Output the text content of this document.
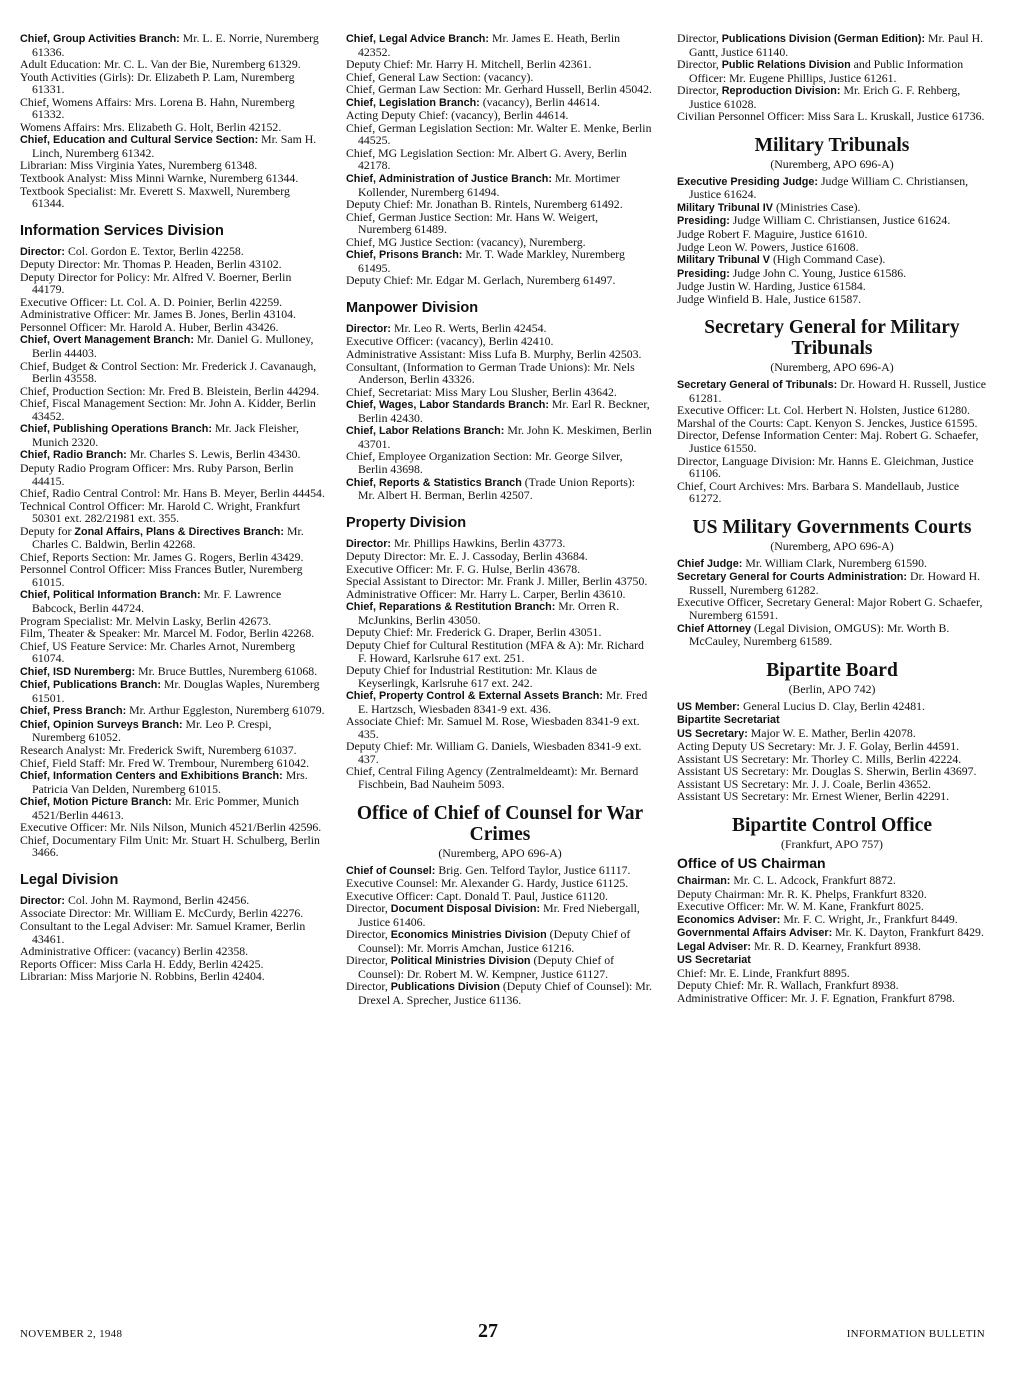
Chief, Group Activities Branch: Mr. L. E. Norrie, Nuremberg 61336.
Adult Education: Mr. C. L. Van der Bie, Nuremberg 61329.
Youth Activities (Girls): Dr. Elizabeth P. Lam, Nuremberg 61331.
Chief, Womens Affairs: Mrs. Lorena B. Hahn, Nuremberg 61332.
Womens Affairs: Mrs. Elizabeth G. Holt, Berlin 42152.
Chief, Education and Cultural Service Section: Mr. Sam H. Linch, Nuremberg 61342.
Librarian: Miss Virginia Yates, Nuremberg 61348.
Textbook Analyst: Miss Minni Warnke, Nuremberg 61344.
Textbook Specialist: Mr. Everett S. Maxwell, Nuremberg 61344.
Information Services Division
Director: Col. Gordon E. Textor, Berlin 42258.
Deputy Director: Mr. Thomas P. Headen, Berlin 43102.
Deputy Director for Policy: Mr. Alfred V. Boerner, Berlin 44179.
Executive Officer: Lt. Col. A. D. Poinier, Berlin 42259.
Administrative Officer: Mr. James B. Jones, Berlin 43104.
Personnel Officer: Mr. Harold A. Huber, Berlin 43426.
Chief, Overt Management Branch: Mr. Daniel G. Mulloney, Berlin 44403.
Chief, Budget & Control Section: Mr. Frederick J. Cavanaugh, Berlin 43558.
Chief, Production Section: Mr. Fred B. Bleistein, Berlin 44294.
Chief, Fiscal Management Section: Mr. John A. Kidder, Berlin 43452.
Chief, Publishing Operations Branch: Mr. Jack Fleisher, Munich 2320.
Chief, Radio Branch: Mr. Charles S. Lewis, Berlin 43430.
Deputy Radio Program Officer: Mrs. Ruby Parson, Berlin 44415.
Chief, Radio Central Control: Mr. Hans B. Meyer, Berlin 44454.
Technical Control Officer: Mr. Harold C. Wright, Frankfurt 50301 ext. 282/21981 ext. 355.
Deputy for Zonal Affairs, Plans & Directives Branch: Mr. Charles C. Baldwin, Berlin 42268.
Chief, Reports Section: Mr. James G. Rogers, Berlin 43429.
Personnel Control Officer: Miss Frances Butler, Nuremberg 61015.
Chief, Political Information Branch: Mr. F. Lawrence Babcock, Berlin 44724.
Program Specialist: Mr. Melvin Lasky, Berlin 42673.
Film, Theater & Speaker: Mr. Marcel M. Fodor, Berlin 42268.
Chief, US Feature Service: Mr. Charles Arnot, Nuremberg 61074.
Chief, ISD Nuremberg: Mr. Bruce Buttles, Nuremberg 61068.
Chief, Publications Branch: Mr. Douglas Waples, Nuremberg 61501.
Chief, Press Branch: Mr. Arthur Eggleston, Nuremberg 61079.
Chief, Opinion Surveys Branch: Mr. Leo P. Crespi, Nuremberg 61052.
Research Analyst: Mr. Frederick Swift, Nuremberg 61037.
Chief, Field Staff: Mr. Fred W. Trembour, Nuremberg 61042.
Chief, Information Centers and Exhibitions Branch: Mrs. Patricia Van Delden, Nuremberg 61015.
Chief, Motion Picture Branch: Mr. Eric Pommer, Munich 4521/Berlin 44613.
Executive Officer: Mr. Nils Nilson, Munich 4521/Berlin 42596.
Chief, Documentary Film Unit: Mr. Stuart H. Schulberg, Berlin 3466.
Legal Division
Director: Col. John M. Raymond, Berlin 42456.
Associate Director: Mr. William E. McCurdy, Berlin 42276.
Consultant to the Legal Adviser: Mr. Samuel Kramer, Berlin 43461.
Administrative Officer: (vacancy) Berlin 42358.
Reports Officer: Miss Carla H. Eddy, Berlin 42425.
Librarian: Miss Marjorie N. Robbins, Berlin 42404.
Chief, Legal Advice Branch: Mr. James E. Heath, Berlin 42352.
Deputy Chief: Mr. Harry H. Mitchell, Berlin 42361.
Chief, General Law Section: (vacancy).
Chief, German Law Section: Mr. Gerhard Hussell, Berlin 45042.
Chief, Legislation Branch: (vacancy), Berlin 44614.
Acting Deputy Chief: (vacancy), Berlin 44614.
Chief, German Legislation Section: Mr. Walter E. Menke, Berlin 44525.
Chief, MG Legislation Section: Mr. Albert G. Avery, Berlin 42178.
Chief, Administration of Justice Branch: Mr. Mortimer Kollender, Nuremberg 61494.
Deputy Chief: Mr. Jonathan B. Rintels, Nuremberg 61492.
Chief, German Justice Section: Mr. Hans W. Weigert, Nuremberg 61489.
Chief, MG Justice Section: (vacancy), Nuremberg.
Chief, Prisons Branch: Mr. T. Wade Markley, Nuremberg 61495.
Deputy Chief: Mr. Edgar M. Gerlach, Nuremberg 61497.
Manpower Division
Director: Mr. Leo R. Werts, Berlin 42454.
Executive Officer: (vacancy), Berlin 42410.
Administrative Assistant: Miss Lufa B. Murphy, Berlin 42503.
Consultant, (Information to German Trade Unions): Mr. Nels Anderson, Berlin 43326.
Chief, Secretariat: Miss Mary Lou Slusher, Berlin 43642.
Chief, Wages, Labor Standards Branch: Mr. Earl R. Beckner, Berlin 42430.
Chief, Labor Relations Branch: Mr. John K. Meskimen, Berlin 43701.
Chief, Employee Organization Section: Mr. George Silver, Berlin 43698.
Chief, Reports & Statistics Branch (Trade Union Reports): Mr. Albert H. Berman, Berlin 42507.
Property Division
Director: Mr. Phillips Hawkins, Berlin 43773.
Deputy Director: Mr. E. J. Cassoday, Berlin 43684.
Executive Officer: Mr. F. G. Hulse, Berlin 43678.
Special Assistant to Director: Mr. Frank J. Miller, Berlin 43750.
Administrative Officer: Mr. Harry L. Carper, Berlin 43610.
Chief, Reparations & Restitution Branch: Mr. Orren R. McJunkins, Berlin 43050.
Deputy Chief: Mr. Frederick G. Draper, Berlin 43051.
Deputy Chief for Cultural Restitution (MFA & A): Mr. Richard F. Howard, Karlsruhe 617 ext. 251.
Deputy Chief for Industrial Restitution: Mr. Klaus de Keyserlingk, Karlsruhe 617 ext. 242.
Chief, Property Control & External Assets Branch: Mr. Fred E. Hartzsch, Wiesbaden 8341-9 ext. 436.
Associate Chief: Mr. Samuel M. Rose, Wiesbaden 8341-9 ext. 435.
Deputy Chief: Mr. William G. Daniels, Wiesbaden 8341-9 ext. 437.
Chief, Central Filing Agency (Zentralmeldeamt): Mr. Bernard Fischbein, Bad Nauheim 5093.
Office of Chief of Counsel for War Crimes
(Nuremberg, APO 696-A)
Chief of Counsel: Brig. Gen. Telford Taylor, Justice 61117.
Executive Counsel: Mr. Alexander G. Hardy, Justice 61125.
Executive Officer: Capt. Donald T. Paul, Justice 61120.
Director, Document Disposal Division: Mr. Fred Niebergall, Justice 61406.
Director, Economics Ministries Division (Deputy Chief of Counsel): Mr. Morris Amchan, Justice 61216.
Director, Political Ministries Division (Deputy Chief of Counsel): Dr. Robert M. W. Kempner, Justice 61127.
Director, Publications Division (Deputy Chief of Counsel): Mr. Drexel A. Sprecher, Justice 61136.
Director, Publications Division (German Edition): Mr. Paul H. Gantt, Justice 61140.
Director, Public Relations Division and Public Information Officer: Mr. Eugene Phillips, Justice 61261.
Director, Reproduction Division: Mr. Erich G. F. Rehberg, Justice 61028.
Civilian Personnel Officer: Miss Sara L. Kruskall, Justice 61736.
Military Tribunals
(Nuremberg, APO 696-A)
Executive Presiding Judge: Judge William C. Christiansen, Justice 61624.
Military Tribunal IV (Ministries Case).
Presiding: Judge William C. Christiansen, Justice 61624.
Judge Robert F. Maguire, Justice 61610.
Judge Leon W. Powers, Justice 61608.
Military Tribunal V (High Command Case).
Presiding: Judge John C. Young, Justice 61586.
Judge Justin W. Harding, Justice 61584.
Judge Winfield B. Hale, Justice 61587.
Secretary General for Military Tribunals
(Nuremberg, APO 696-A)
Secretary General of Tribunals: Dr. Howard H. Russell, Justice 61281.
Executive Officer: Lt. Col. Herbert N. Holsten, Justice 61280.
Marshal of the Courts: Capt. Kenyon S. Jenckes, Justice 61595.
Director, Defense Information Center: Maj. Robert G. Schaefer, Justice 61550.
Director, Language Division: Mr. Hanns E. Gleichman, Justice 61106.
Chief, Court Archives: Mrs. Barbara S. Mandellaub, Justice 61272.
US Military Governments Courts
(Nuremberg, APO 696-A)
Chief Judge: Mr. William Clark, Nuremberg 61590.
Secretary General for Courts Administration: Dr. Howard H. Russell, Nuremberg 61282.
Executive Officer, Secretary General: Major Robert G. Schaefer, Nuremberg 61591.
Chief Attorney (Legal Division, OMGUS): Mr. Worth B. McCauley, Nuremberg 61589.
Bipartite Board
(Berlin, APO 742)
US Member: General Lucius D. Clay, Berlin 42481.
Bipartite Secretariat
US Secretary: Major W. E. Mather, Berlin 42078.
Acting Deputy US Secretary: Mr. J. F. Golay, Berlin 44591.
Assistant US Secretary: Mr. Thorley C. Mills, Berlin 42224.
Assistant US Secretary: Mr. Douglas S. Sherwin, Berlin 43697.
Assistant US Secretary: Mr. J. J. Coale, Berlin 43652.
Assistant US Secretary: Mr. Ernest Wiener, Berlin 42291.
Bipartite Control Office
(Frankfurt, APO 757)
Office of US Chairman
Chairman: Mr. C. L. Adcock, Frankfurt 8872.
Deputy Chairman: Mr. R. K. Phelps, Frankfurt 8320.
Executive Officer: Mr. W. M. Kane, Frankfurt 8025.
Economics Adviser: Mr. F. C. Wright, Jr., Frankfurt 8449.
Governmental Affairs Adviser: Mr. K. Dayton, Frankfurt 8429.
Legal Adviser: Mr. R. D. Kearney, Frankfurt 8938.
US Secretariat
Chief: Mr. E. Linde, Frankfurt 8895.
Deputy Chief: Mr. R. Wallach, Frankfurt 8938.
Administrative Officer: Mr. J. F. Egnation, Frankfurt 8798.
NOVEMBER 2, 1948	27	INFORMATION BULLETIN
